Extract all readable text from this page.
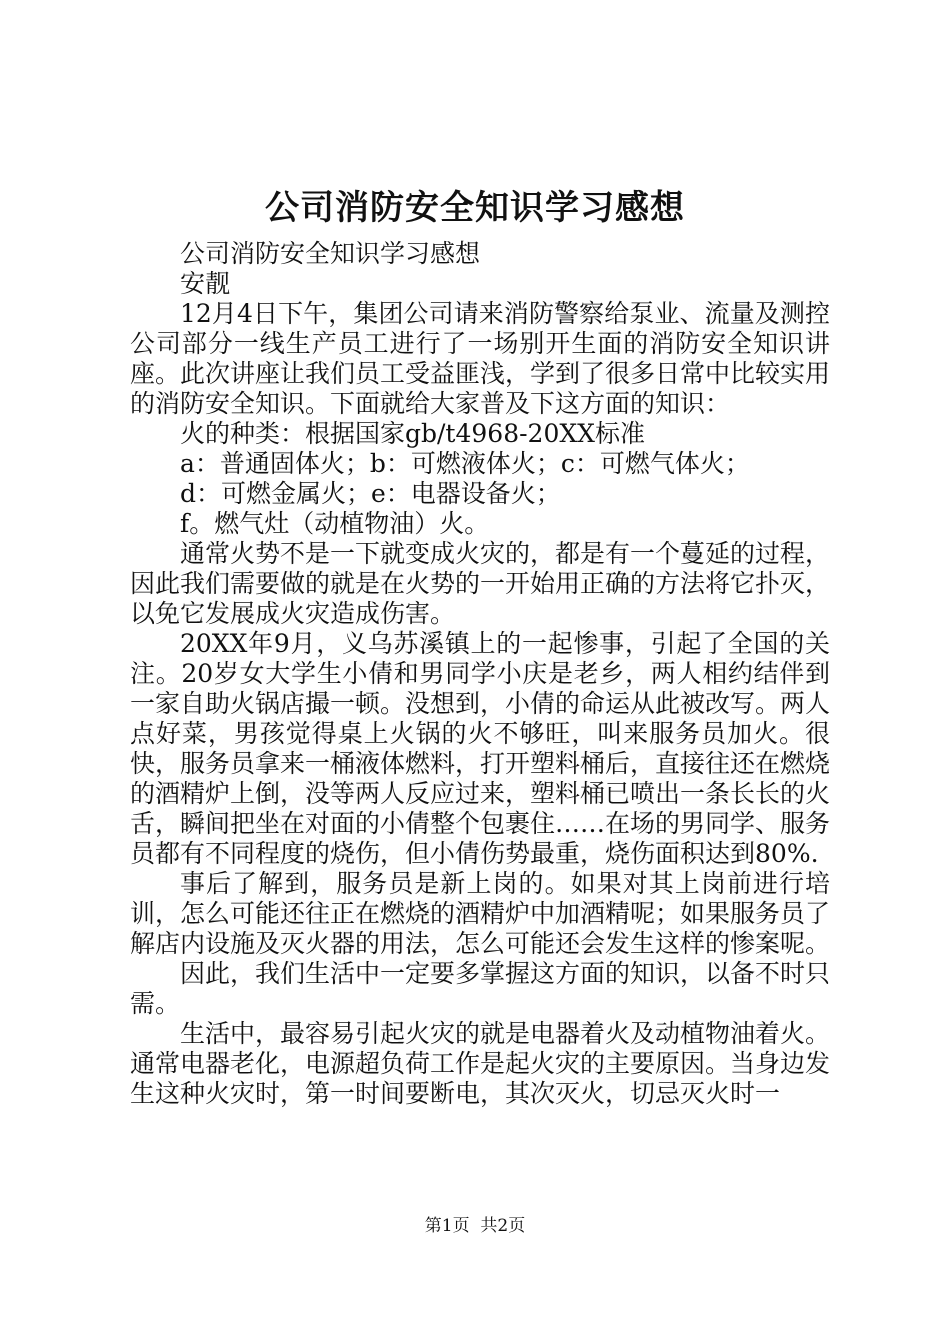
公司消防安全知识学习感想

公司消防安全知识学习感想

安靓

12月4日下午，集团公司请来消防警察给泵业、流量及测控公司部分一线生产员工进行了一场别开生面的消防安全知识讲座。此次讲座让我们员工受益匪浅，学到了很多日常中比较实用的消防安全知识。下面就给大家普及下这方面的知识：

火的种类：根据国家gb/t4968-20XX标准

a：普通固体火；b：可燃液体火；c：可燃气体火；

d：可燃金属火；e：电器设备火；

f。燃气灶（动植物油）火。

通常火势不是一下就变成火灾的，都是有一个蔓延的过程，因此我们需要做的就是在火势的一开始用正确的方法将它扑灭，以免它发展成火灾造成伤害。

20XX年9月，义乌苏溪镇上的一起惨事，引起了全国的关注。20岁女大学生小倩和男同学小庆是老乡，两人相约结伴到一家自助火锅店撮一顿。没想到，小倩的命运从此被改写。两人点好菜，男孩觉得桌上火锅的火不够旺，叫来服务员加火。很快，服务员拿来一桶液体燃料，打开塑料桶后，直接往还在燃烧的酒精炉上倒，没等两人反应过来，塑料桶已喷出一条长长的火舌，瞬间把坐在对面的小倩整个包裹住……在场的男同学、服务员都有不同程度的烧伤，但小倩伤势最重，烧伤面积达到80%.

事后了解到，服务员是新上岗的。如果对其上岗前进行培训，怎么可能还往正在燃烧的酒精炉中加酒精呢；如果服务员了解店内设施及灭火器的用法，怎么可能还会发生这样的惨案呢。

因此，我们生活中一定要多掌握这方面的知识，以备不时只需。

生活中，最容易引起火灾的就是电器着火及动植物油着火。通常电器老化，电源超负荷工作是起火灾的主要原因。当身边发生这种火灾时，第一时间要断电，其次灭火，切忌灭火时一

第1页  共2页
